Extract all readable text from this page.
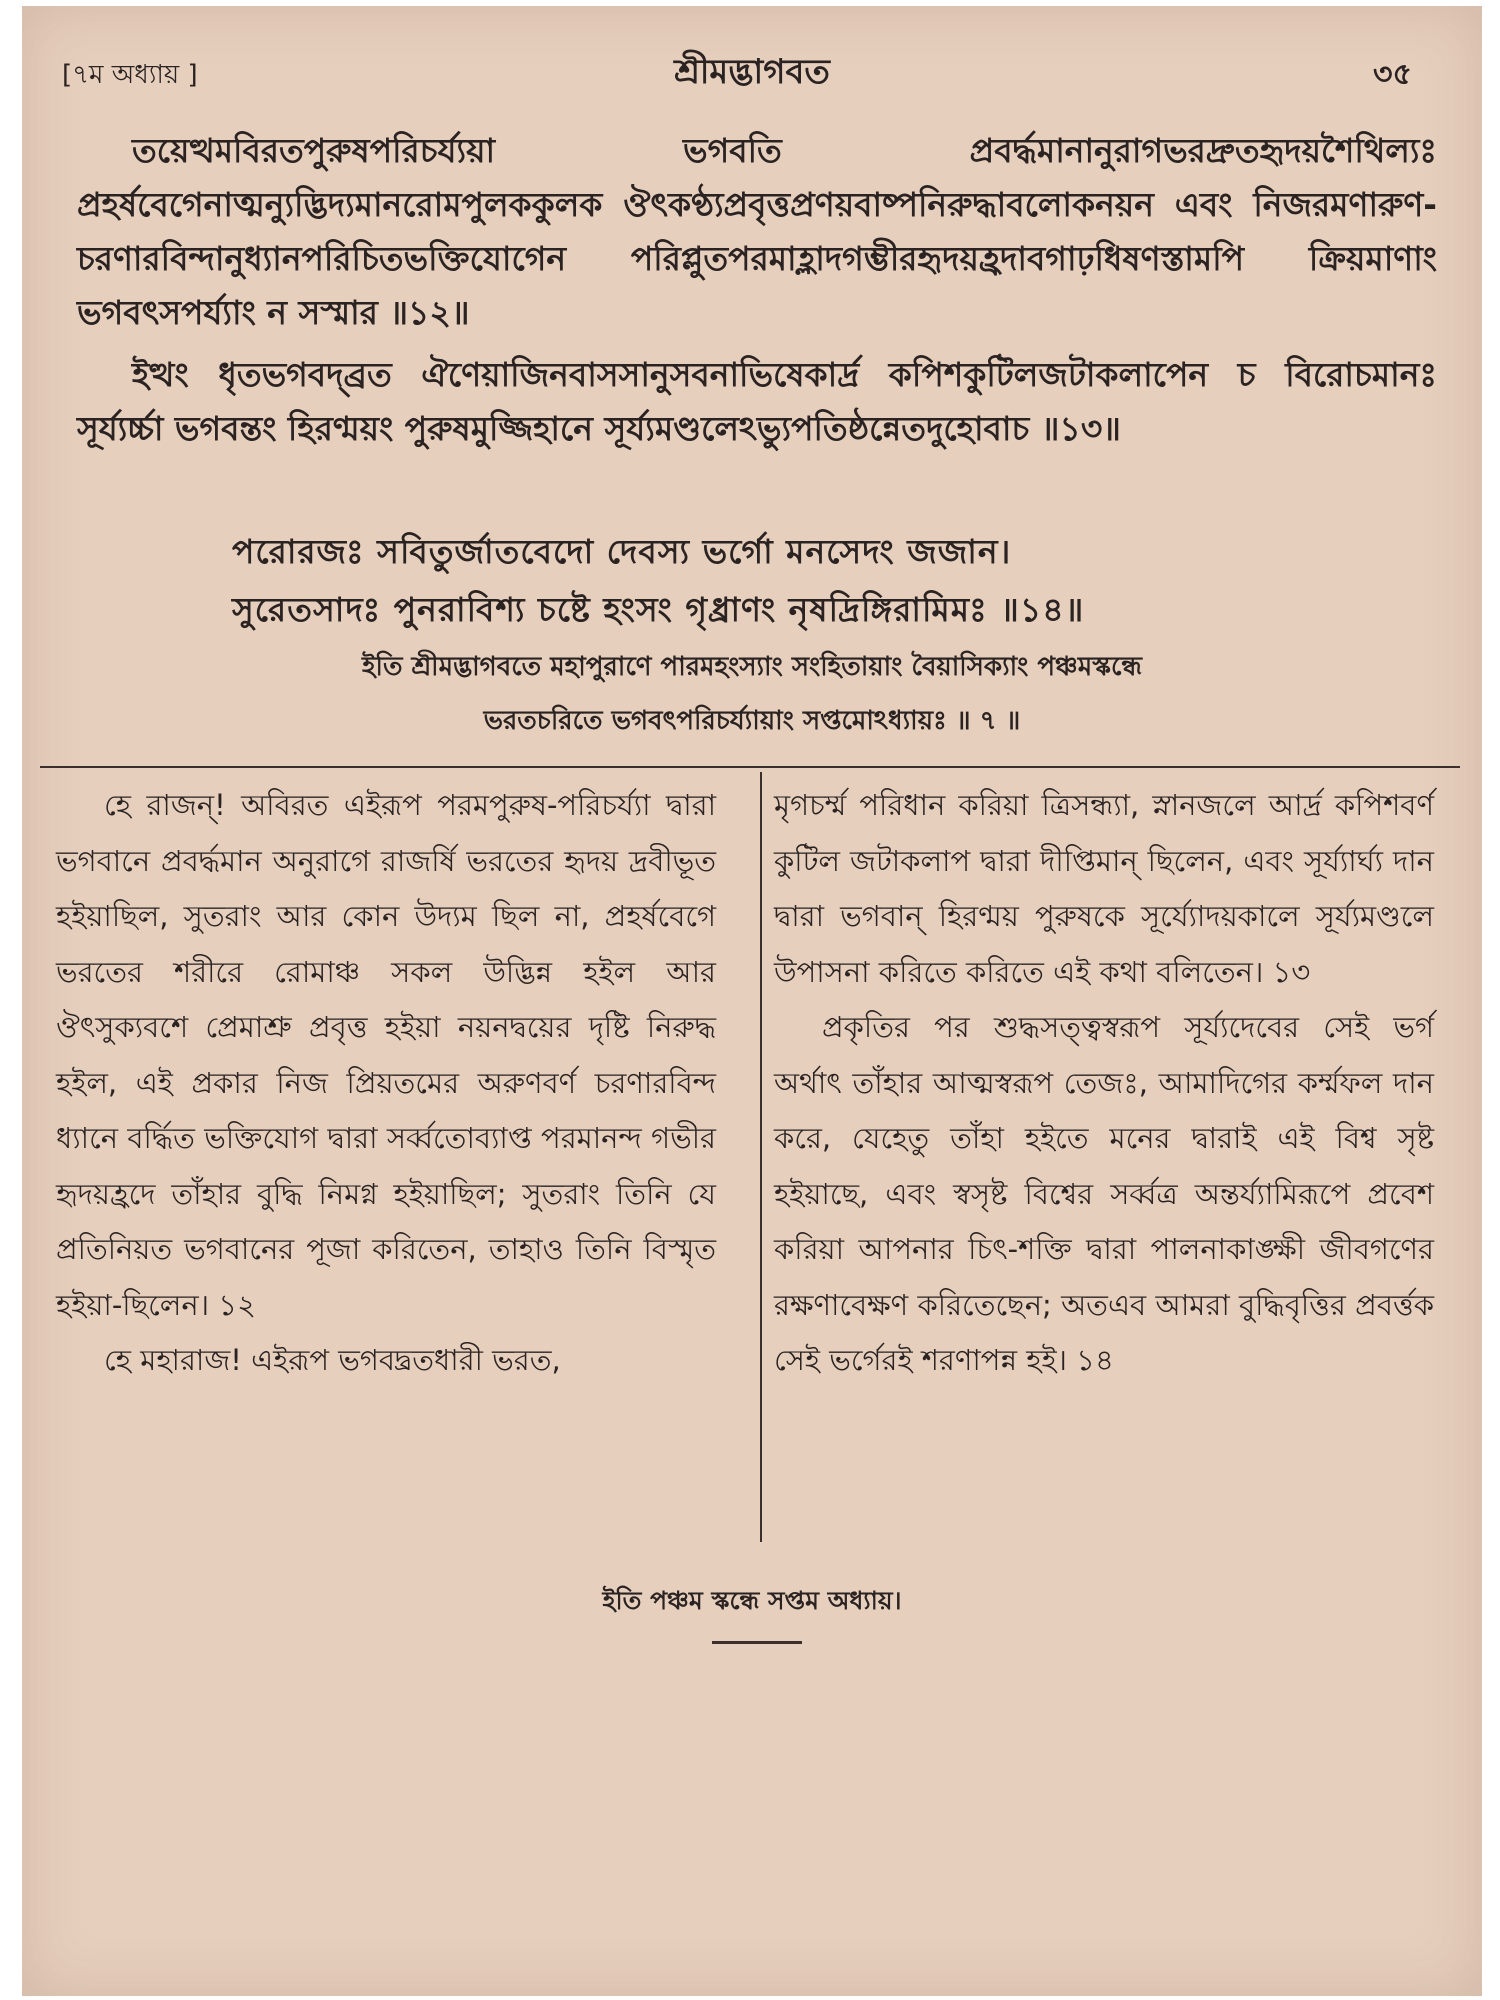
[৭ম অধ্যায় ]	শ্রীমদ্ভাগবত	৩৫

তয়েত্থমবিরতপুরুষপরিচর্য্যয়া ভগবতি প্রবর্দ্ধমানানুরাগভরদ্রুতহৃদয়শৈথিল্যঃ প্রহর্ষবেগেনাত্মন্যুদ্ভিদ্যমানরোমপুলককুলক ঔৎকণ্ঠ্যপ্রবৃত্তপ্রণয়বাষ্পনিরুদ্ধাবলোকনয়ন এবং নিজরমণারুণ-চরণারবিন্দানুধ্যানপরিচিতভক্তিযোগেন পরিপ্লুতপরমাহ্লাদগম্ভীরহৃদয়হ্রদাবগাঢ়ধিষণস্তামপি ক্রিয়মাণাং ভগবৎসপর্য্যাং ন সস্মার ॥১২॥

ইত্থং ধৃতভগবদ্‌ব্রত ঐণেয়াজিনবাসসানুসবনাভিষেকার্দ্র কপিশকুটিলজটাকলাপেন চ বিরোচমানঃ সূর্য্যর্চ্চা ভগবন্তং হিরণ্ময়ং পুরুষমুজ্জিহানে সূর্য্যমণ্ডলেঽভ্যুপতিষ্ঠন্নেতদুহোবাচ ॥১৩॥

পরোরজঃ সবিতুর্জাতবেদো দেবস্য ভর্গো মনসেদং জজান।
সুরেতসাদঃ পুনরাবিশ্য চষ্টে হংসং গৃধ্রাণং নৃষদ্রিঙ্গিরামিমঃ ॥১৪॥
ইতি শ্রীমদ্ভাগবতে মহাপুরাণে পারমহংস্যাং সংহিতায়াং বৈয়াসিক্যাং পঞ্চমস্কন্ধে
ভরতচরিতে ভগবৎপরিচর্য্যায়াং সপ্তমোঽধ্যায়ঃ ॥ ৭ ॥

হে রাজন্! অবিরত এইরূপ পরমপুরুষ-পরিচর্য্যা দ্বারা ভগবানে প্রবর্দ্ধমান অনুরাগে রাজর্ষি ভরতের হৃদয় দ্রবীভূত হইয়াছিল, সুতরাং আর কোন উদ্যম ছিল না, প্রহর্ষবেগে ভরতের শরীরে রোমাঞ্চ সকল উদ্ভিন্ন হইল আর ঔৎসুক্যবশে প্রেমাশ্রু প্রবৃত্ত হইয়া নয়নদ্বয়ের দৃষ্টি নিরুদ্ধ হইল, এই প্রকার নিজ প্রিয়তমের অরুণবর্ণ চরণারবিন্দ ধ্যানে বর্দ্ধিত ভক্তিযোগ দ্বারা সর্ব্বতোব্যাপ্ত পরমানন্দ গভীর হৃদয়হ্রদে তাঁহার বুদ্ধি নিমগ্ন হইয়াছিল; সুতরাং তিনি যে প্রতিনিয়ত ভগবানের পূজা করিতেন, তাহাও তিনি বিস্মৃত হইয়া-ছিলেন। ১২

হে মহারাজ! এইরূপ ভগবদ্ব্রতধারী ভরত,

মৃগচর্ম্ম পরিধান করিয়া ত্রিসন্ধ্যা, স্নানজলে আর্দ্র কপিশবর্ণ কুটিল জটাকলাপ দ্বারা দীপ্তিমান্ ছিলেন, এবং সূর্য্যার্ঘ্য দান দ্বারা ভগবান্ হিরণ্ময় পুরুষকে সূর্য্যোদয়কালে সূর্য্যমণ্ডলে উপাসনা করিতে করিতে এই কথা বলিতেন। ১৩

প্রকৃতির পর শুদ্ধসত্ত্বস্বরূপ সূর্য্যদেবের সেই ভর্গ অর্থাৎ তাঁহার আত্মস্বরূপ তেজঃ, আমাদিগের কর্ম্মফল দান করে, যেহেতু তাঁহা হইতে মনের দ্বারাই এই বিশ্ব সৃষ্ট হইয়াছে, এবং স্বসৃষ্ট বিশ্বের সর্ব্বত্র অন্তর্য্যামিরূপে প্রবেশ করিয়া আপনার চিৎ-শক্তি দ্বারা পালনাকাঙ্ক্ষী জীবগণের রক্ষণাবেক্ষণ করিতেছেন; অতএব আমরা বুদ্ধিবৃত্তির প্রবর্ত্তক সেই ভর্গেরই শরণাপন্ন হই। ১৪

ইতি পঞ্চম স্কন্ধে সপ্তম অধ্যায়।
